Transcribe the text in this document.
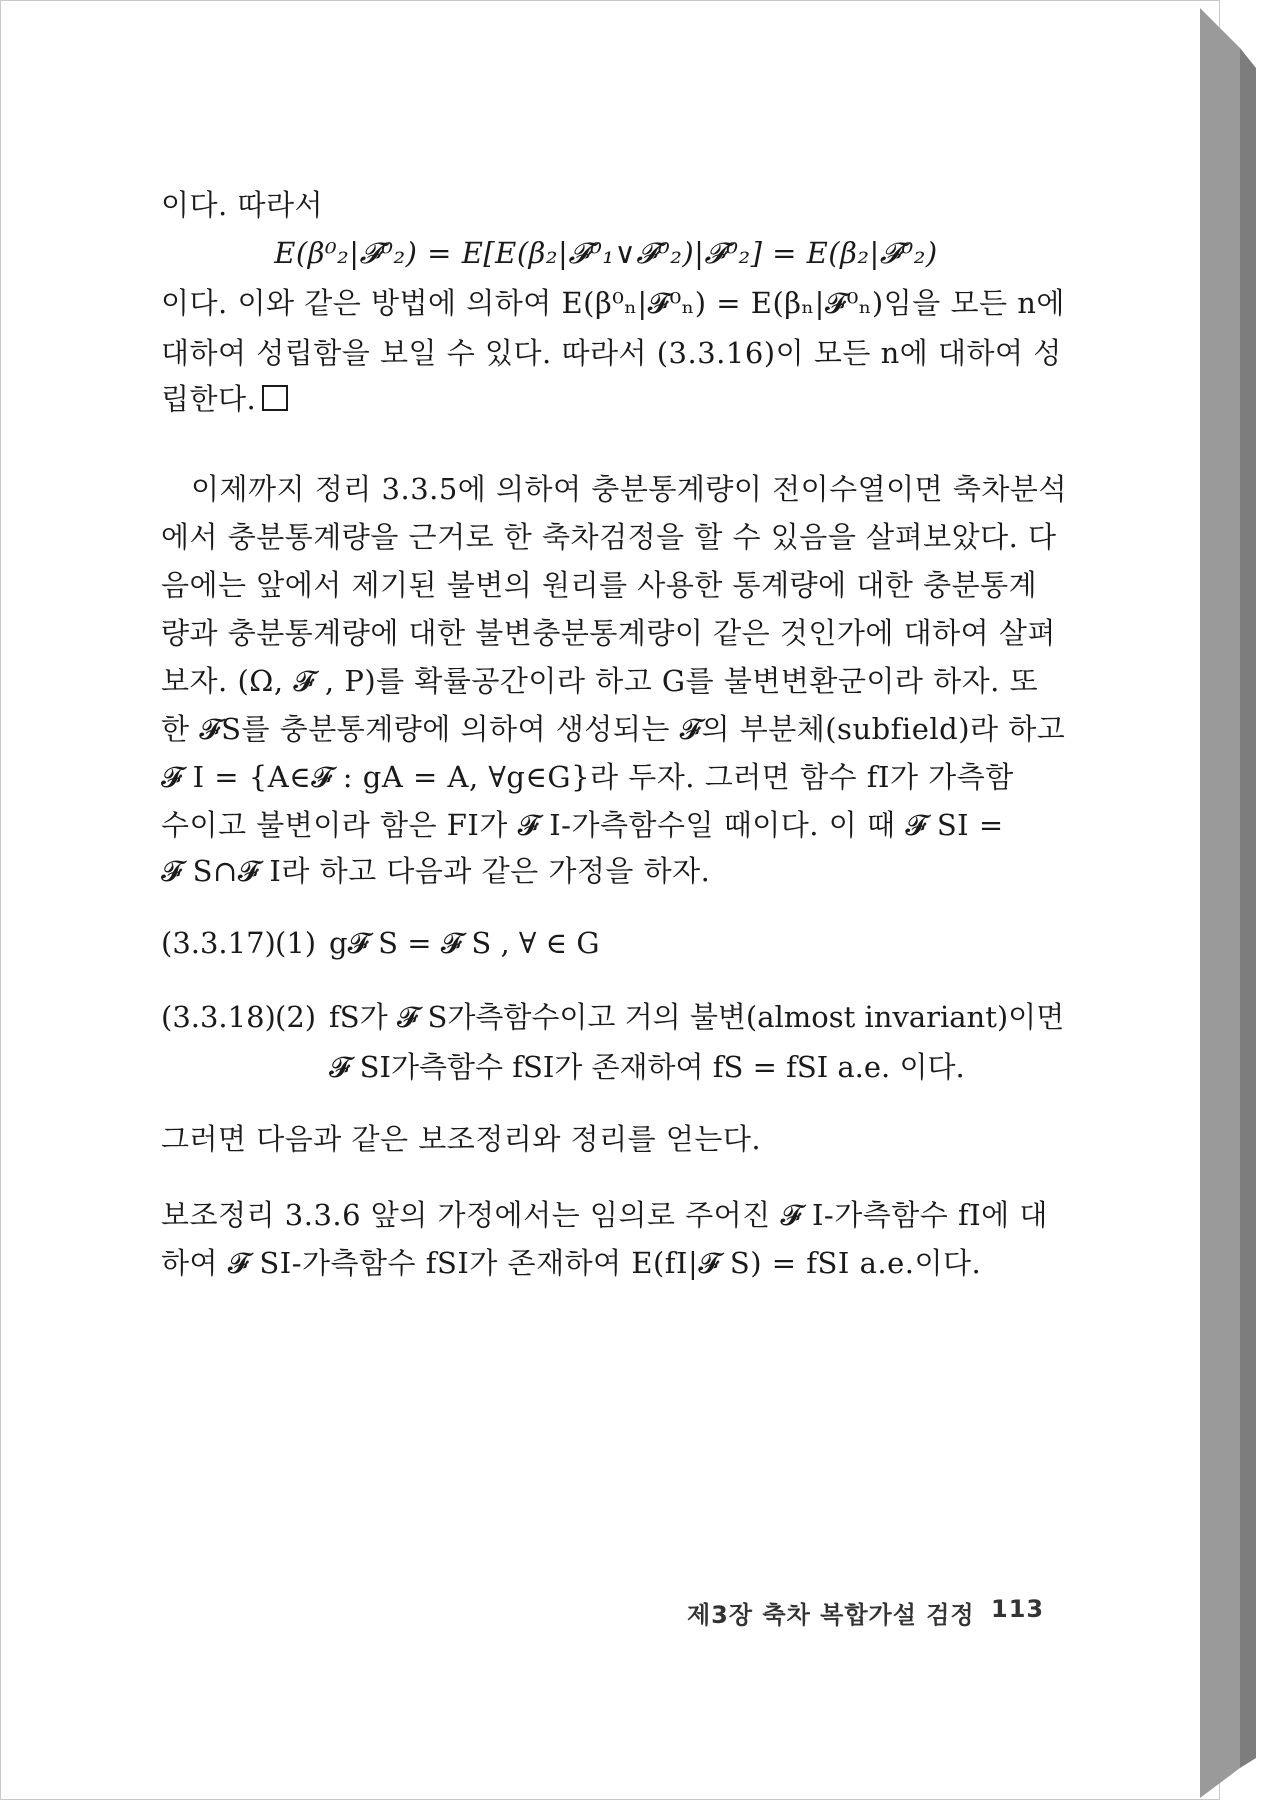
이다. 따라서
E(β⁰₂|𝓕⁰₂) = E[E(β₂|𝓕⁰₁∨𝓕⁰₂)|𝓕⁰₂] = E(β₂|𝓕⁰₂)
이다. 이와 같은 방법에 의하여 E(β⁰ₙ|𝓕⁰ₙ) = E(βₙ|𝓕⁰ₙ)임을 모든 n에
대하여 성립함을 보일 수 있다. 따라서 (3.3.16)이 모든 n에 대하여 성
립한다.
이제까지 정리 3.3.5에 의하여 충분통계량이 전이수열이면 축차분석
에서 충분통계량을 근거로 한 축차검정을 할 수 있음을 살펴보았다. 다
음에는 앞에서 제기된 불변의 원리를 사용한 통계량에 대한 충분통계
량과 충분통계량에 대한 불변충분통계량이 같은 것인가에 대하여 살펴
보자. (Ω, 𝓕 , P)를 확률공간이라 하고 G를 불변변환군이라 하자. 또
한 𝓕S를 충분통계량에 의하여 생성되는 𝓕의 부분체(subfield)라 하고
𝓕 I = {A∈𝓕 : gA = A, ∀g∈G}라 두자. 그러면 함수 fI가 가측함
수이고 불변이라 함은 FI가 𝓕 I-가측함수일 때이다. 이 때 𝓕 SI =
𝓕 S∩𝓕 I라 하고 다음과 같은 가정을 하자.
(3.3.17) (1) g𝓕 S = 𝓕 S , ∀ ∈ G
(3.3.18) (2) fS가 𝓕 S가측함수이고 거의 불변(almost invariant)이면
𝓕 SI가측함수 fSI가 존재하여 fS = fSI a.e. 이다.
그러면 다음과 같은 보조정리와 정리를 얻는다.
보조정리 3.3.6 앞의 가정에서는 임의로 주어진 𝓕 I-가측함수 fI에 대
하여 𝓕 SI-가측함수 fSI가 존재하여 E(fI|𝓕 S) = fSI a.e.이다.
제3장 축차 복합가설 검정 113
